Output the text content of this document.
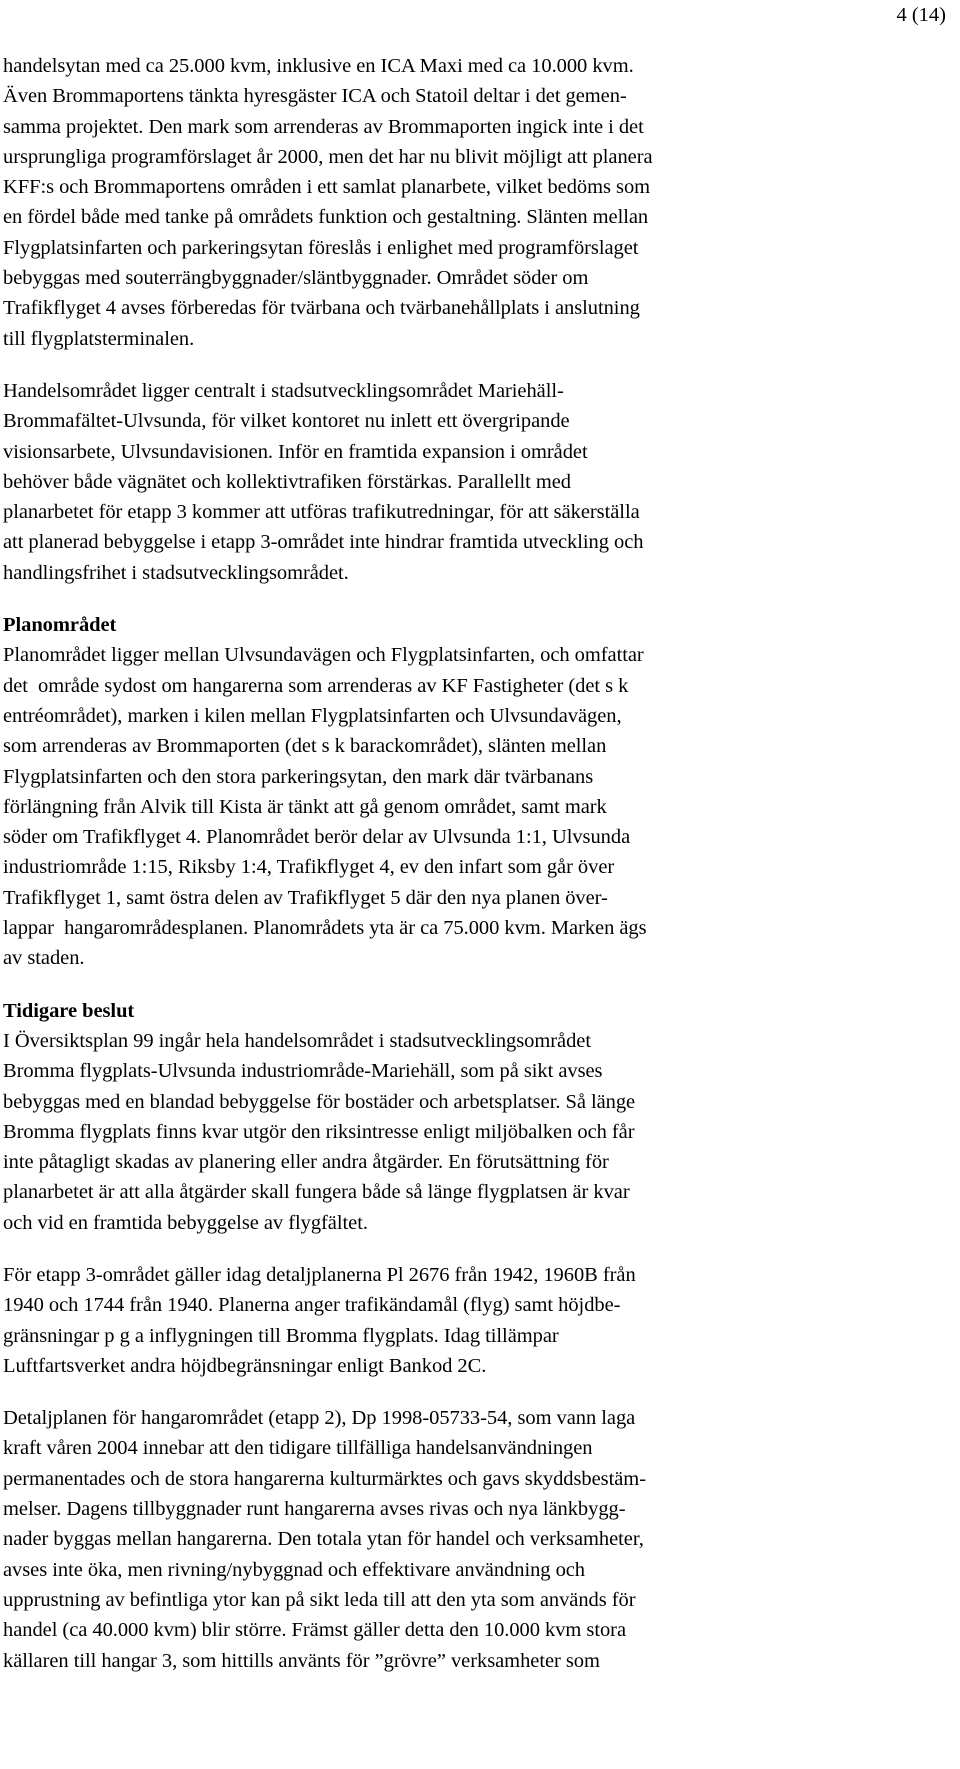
4 (14)
handelsytan med ca 25.000 kvm, inklusive en ICA Maxi med ca 10.000 kvm.
Även Brommaportens tänkta hyresgäster ICA och Statoil deltar i det gemen-
samma projektet. Den mark som arrenderas av Brommaporten ingick inte i det
ursprungliga programförslaget år 2000, men det har nu blivit möjligt att planera
KFF:s och Brommaportens områden i ett samlat planarbete, vilket bedöms som
en fördel både med tanke på områdets funktion och gestaltning. Slänten mellan
Flygplatsinfarten och parkeringsytan föreslås i enlighet med programförslaget
bebyggas med souterrängbyggnader/släntbyggnader. Området söder om
Trafikflyget 4 avses förberedas för tvärbana och tvärbanehållplats i anslutning
till flygplatsterminalen.
Handelsområdet ligger centralt i stadsutvecklingsområdet Mariehäll-
Brommafältet-Ulvsunda, för vilket kontoret nu inlett ett övergripande
visionsarbete, Ulvsundavisionen. Inför en framtida expansion i området
behöver både vägnätet och kollektivtrafiken förstärkas. Parallellt med
planarbetet för etapp 3 kommer att utföras trafikutredningar, för att säkerställa
att planerad bebyggelse i etapp 3-området inte hindrar framtida utveckling och
handlingsfrihet i stadsutvecklingsområdet.
Planområdet
Planområdet ligger mellan Ulvsundavägen och Flygplatsinfarten, och omfattar
det  område sydost om hangarerna som arrenderas av KF Fastigheter (det s k
entréområdet), marken i kilen mellan Flygplatsinfarten och Ulvsundavägen,
som arrenderas av Brommaporten (det s k barackområdet), slänten mellan
Flygplatsinfarten och den stora parkeringsytan, den mark där tvärbanans
förlängning från Alvik till Kista är tänkt att gå genom området, samt mark
söder om Trafikflyget 4. Planområdet berör delar av Ulvsunda 1:1, Ulvsunda
industriområde 1:15, Riksby 1:4, Trafikflyget 4, ev den infart som går över
Trafikflyget 1, samt östra delen av Trafikflyget 5 där den nya planen över-
lappar  hangarområdesplanen. Planområdets yta är ca 75.000 kvm. Marken ägs
av staden.
Tidigare beslut
I Översiktsplan 99 ingår hela handelsområdet i stadsutvecklingsområdet
Bromma flygplats-Ulvsunda industriområde-Mariehäll, som på sikt avses
bebyggas med en blandad bebyggelse för bostäder och arbetsplatser. Så länge
Bromma flygplats finns kvar utgör den riksintresse enligt miljöbalken och får
inte påtagligt skadas av planering eller andra åtgärder. En förutsättning för
planarbetet är att alla åtgärder skall fungera både så länge flygplatsen är kvar
och vid en framtida bebyggelse av flygfältet.
För etapp 3-området gäller idag detaljplanerna Pl 2676 från 1942, 1960B från
1940 och 1744 från 1940. Planerna anger trafikändamål (flyg) samt höjdbe-
gränsningar p g a inflygningen till Bromma flygplats. Idag tillämpar
Luftfartsverket andra höjdbegränsningar enligt Bankod 2C.
Detaljplanen för hangarområdet (etapp 2), Dp 1998-05733-54, som vann laga
kraft våren 2004 innebar att den tidigare tillfälliga handelsanvändningen
permanentades och de stora hangarerna kulturmärktes och gavs skyddsbestäm-
melser. Dagens tillbyggnader runt hangarerna avses rivas och nya länkbygg-
nader byggas mellan hangarerna. Den totala ytan för handel och verksamheter,
avses inte öka, men rivning/nybyggnad och effektivare användning och
upprustning av befintliga ytor kan på sikt leda till att den yta som används för
handel (ca 40.000 kvm) blir större. Främst gäller detta den 10.000 kvm stora
källaren till hangar 3, som hittills använts för ”grövre” verksamheter som
